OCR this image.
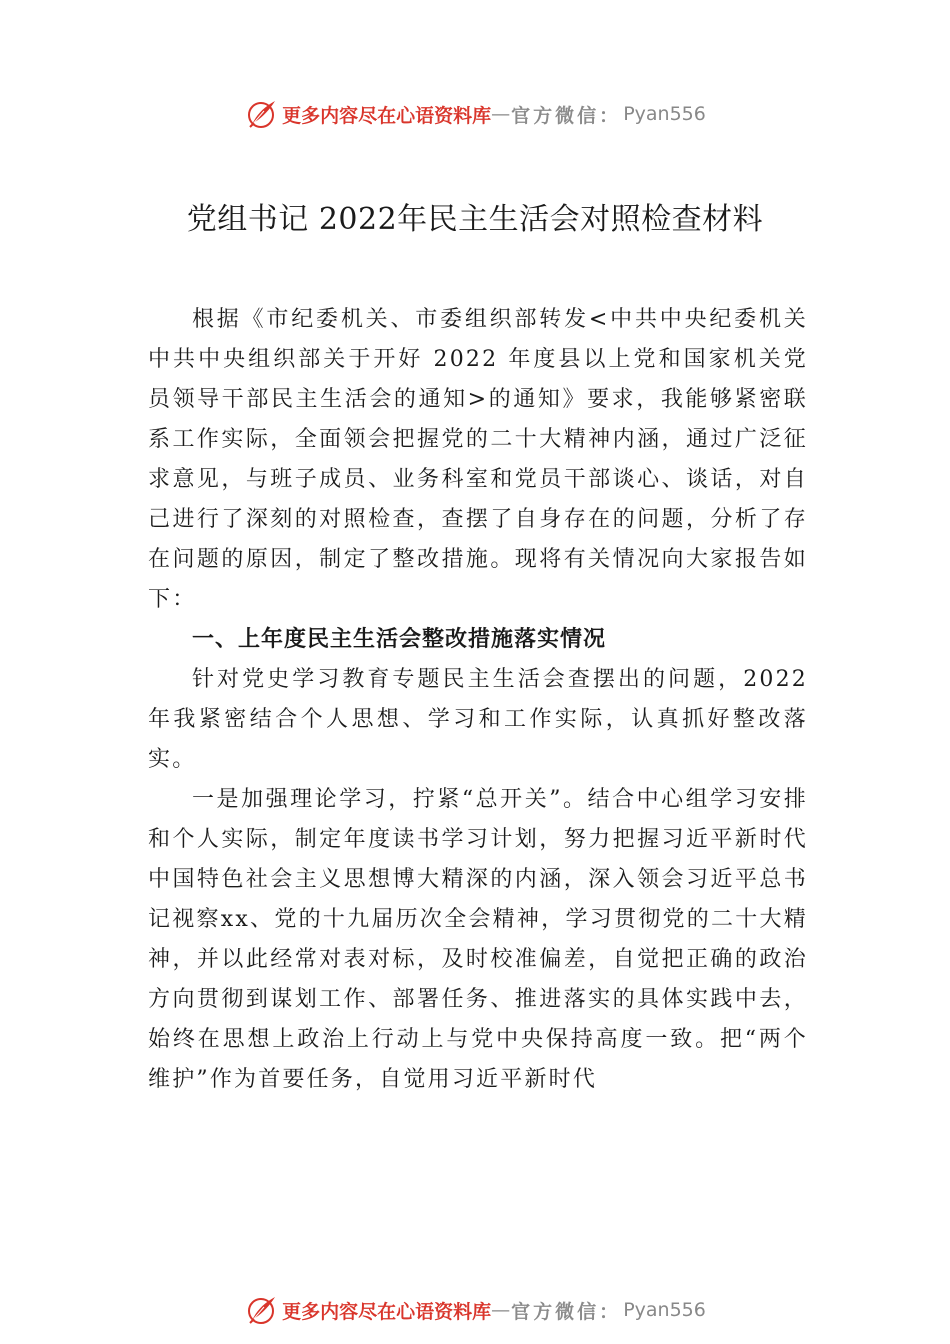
更多内容尽在心语资料库 — 官方微信： Pyan556
党组书记 2022年民主生活会对照检查材料

根据《市纪委机关、市委组织部转发<中共中央纪委机关 中共中央组织部关于开好 2022 年度县以上党和国家机关党员领导干部民主生活会的通知>的通知》要求，我能够紧密联系工作实际，全面领会把握党的二十大精神内涵，通过广泛征求意见，与班子成员、业务科室和党员干部谈心、谈话，对自己进行了深刻的对照检查，查摆了自身存在的问题，分析了存在问题的原因，制定了整改措施。现将有关情况向大家报告如下：

一、上年度民主生活会整改措施落实情况

针对党史学习教育专题民主生活会查摆出的问题，2022年我紧密结合个人思想、学习和工作实际，认真抓好整改落实。

一是加强理论学习，拧紧“总开关”。结合中心组学习安排和个人实际，制定年度读书学习计划，努力把握习近平新时代中国特色社会主义思想博大精深的内涵，深入领会习近平总书记视察xx、党的十九届历次全会精神，学习贯彻党的二十大精神，并以此经常对表对标，及时校准偏差，自觉把正确的政治方向贯彻到谋划工作、部署任务、推进落实的具体实践中去，始终在思想上政治上行动上与党中央保持高度一致。把“两个维护”作为首要任务，自觉用习近平新时代

更多内容尽在心语资料库 — 官方微信： Pyan556
